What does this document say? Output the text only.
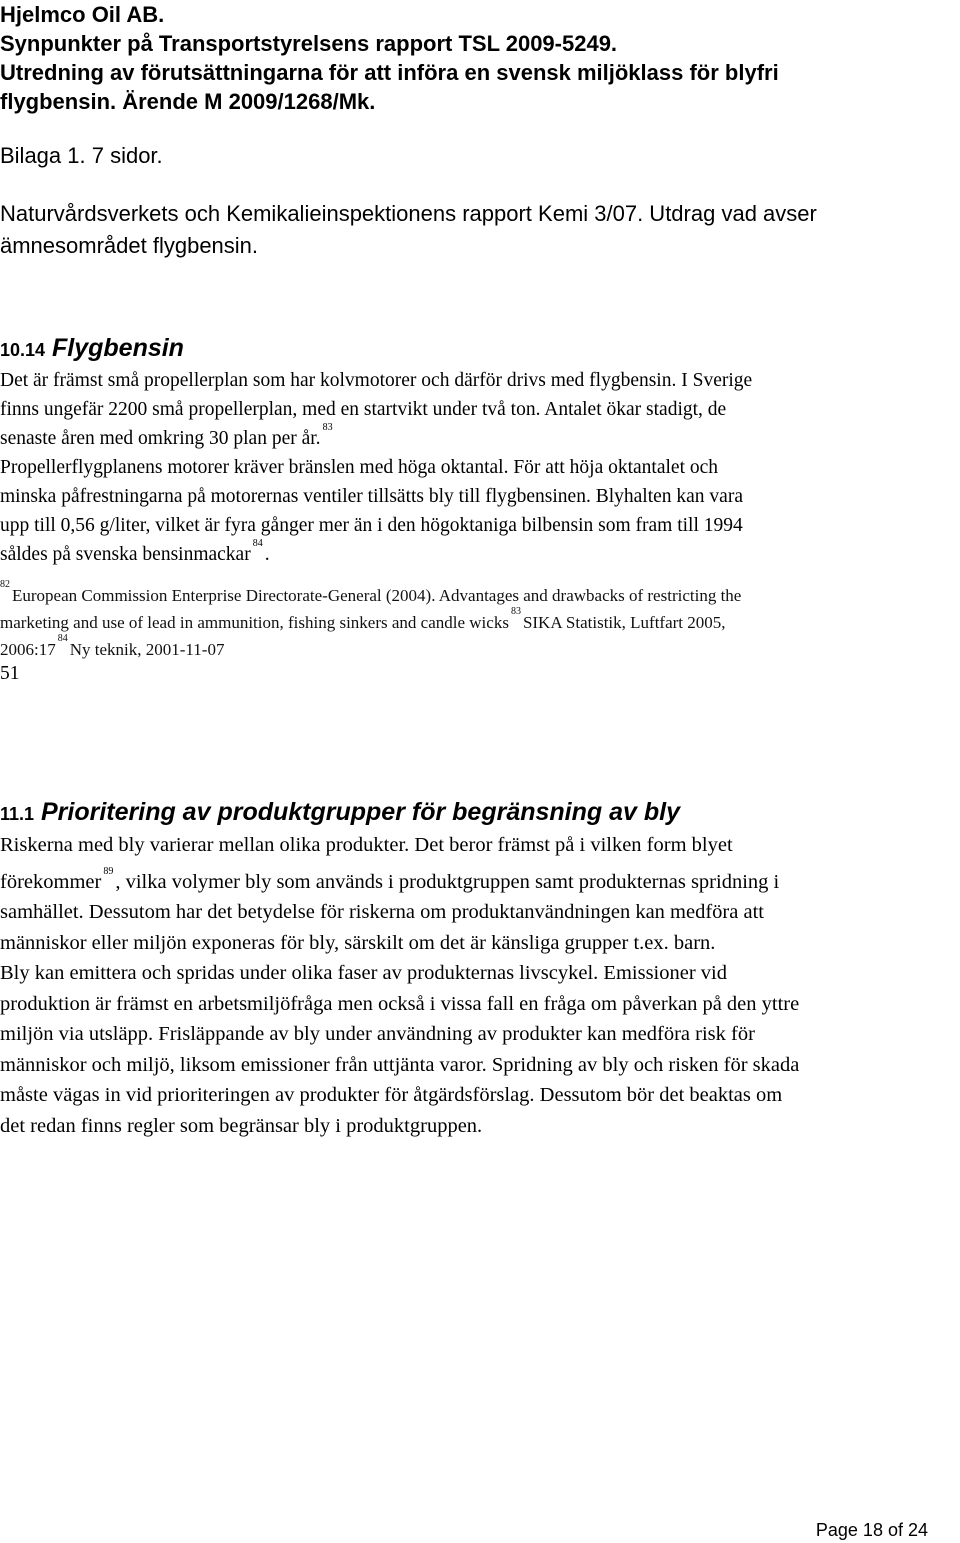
Hjelmco Oil AB.
Synpunkter på Transportstyrelsens rapport TSL 2009-5249.
Utredning av förutsättningarna för att införa en svensk miljöklass för blyfri
flygbensin. Ärende M 2009/1268/Mk.
Bilaga 1. 7 sidor.
Naturvårdsverkets och Kemikalieinspektionens rapport Kemi 3/07. Utdrag vad avser
ämnesområdet flygbensin.
10.14 Flygbensin
Det är främst små propellerplan som har kolvmotorer och därför drivs med flygbensin. I Sverige
finns ungefär 2200 små propellerplan, med en startvikt under två ton. Antalet ökar stadigt, de
senaste åren med omkring 30 plan per år.$^{83}$
Propellerflygplanens motorer kräver bränslen med höga oktantal. För att höja oktantalet och
minska påfrestningarna på motorernas ventiler tillsätts bly till flygbensinen. Blyhalten kan vara
upp till 0,56 g/liter, vilket är fyra gånger mer än i den högoktaniga bilbensin som fram till 1994
såldes på svenska bensinmackar$^{84}$.
$^{82}$European Commission Enterprise Directorate-General (2004). Advantages and drawbacks of restricting the
marketing and use of lead in ammunition, fishing sinkers and candle wicks$^{83}$SIKA Statistik, Luftfart 2005,
$2006:17^{84}Ny$ teknik, 2001-11-07
51
11.1 Prioritering av produktgrupper för begränsning av bly
Riskerna med bly varierar mellan olika produkter. Det beror främst på i vilken form blyet
förekommer $^{89}$, vilka volymer bly som används i produktgruppen samt produkternas spridning i
samhället. Dessutom har det betydelse för riskerna om produktanvändningen kan medföra att
människor eller miljön exponeras för bly, särskilt om det är känsliga grupper t.ex. barn.
Bly kan emittera och spridas under olika faser av produkternas livscykel. Emissioner vid
produktion är främst en arbetsmiljöfråga men också i vissa fall en fråga om påverkan på den yttre
miljön via utsläpp. Frisläppande av bly under användning av produkter kan medföra risk för
människor och miljö, liksom emissioner från uttjänta varor. Spridning av bly och risken för skada
måste vägas in vid prioriteringen av produkter för åtgärdsförslag. Dessutom bör det beaktas om
det redan finns regler som begränsar bly i produktgruppen.
Page 18 of 24
